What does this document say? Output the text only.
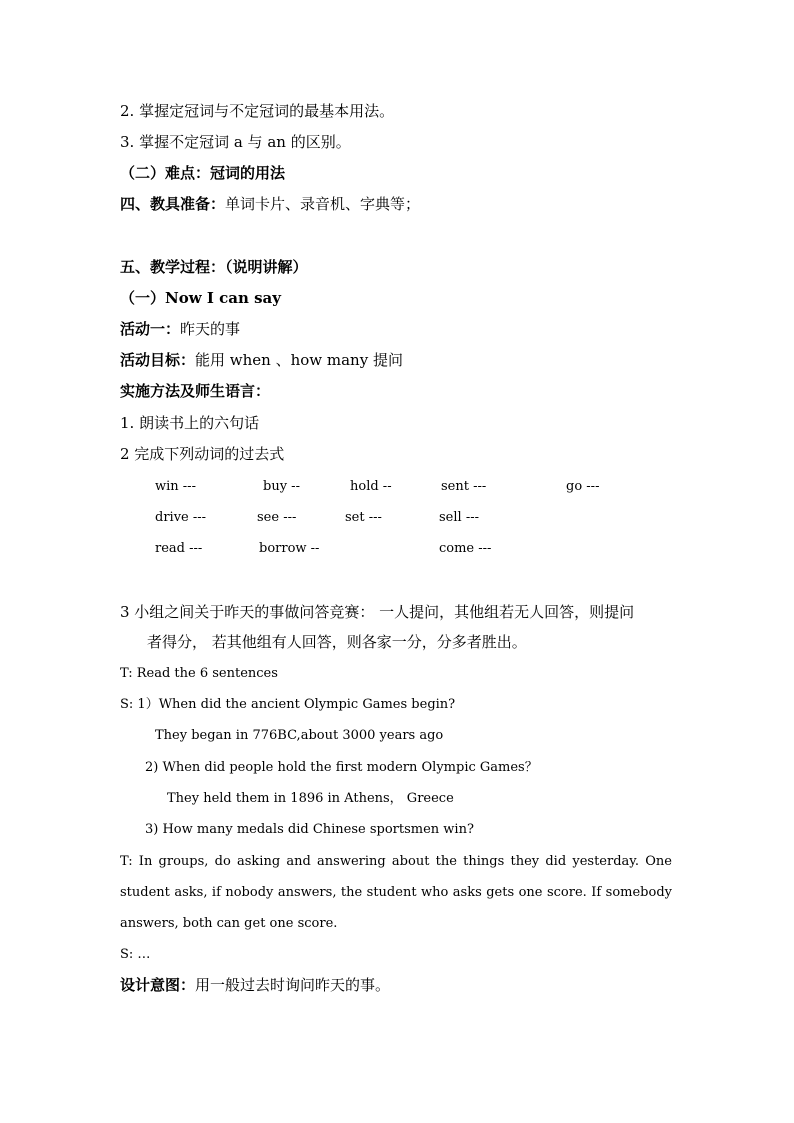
2. 掌握定冠词与不定冠词的最基本用法。
3. 掌握不定冠词 a 与 an 的区别。
（二）难点：冠词的用法
四、教具准备：单词卡片、录音机、字典等；
五、教学过程：（说明讲解）
（一）Now I can say
活动一：昨天的事
活动目标：能用 when 、how many 提问
实施方法及师生语言：
1. 朗读书上的六句话
2 完成下列动词的过去式
win ---	buy --	hold --	sent ---	go ---
drive ---	see ---	set ---	sell ---
read ---	borrow --	come ---
3 小组之间关于昨天的事做问答竞赛： 一人提问，其他组若无人回答，则提问
者得分， 若其他组有人回答，则各家一分，分多者胜出。
T: Read the 6 sentences
S: 1）When did the ancient Olympic Games begin?
They began in 776BC,about 3000 years ago
2) When did people hold the first modern Olympic Games？
They held them in 1896 in Athens， Greece
3) How many medals did Chinese sportsmen win?
T: In groups, do asking and answering about the things they did yesterday. One student asks, if nobody answers, the student who asks gets one score. If somebody answers, both can get one score.
S: …
设计意图：用一般过去时询问昨天的事。
